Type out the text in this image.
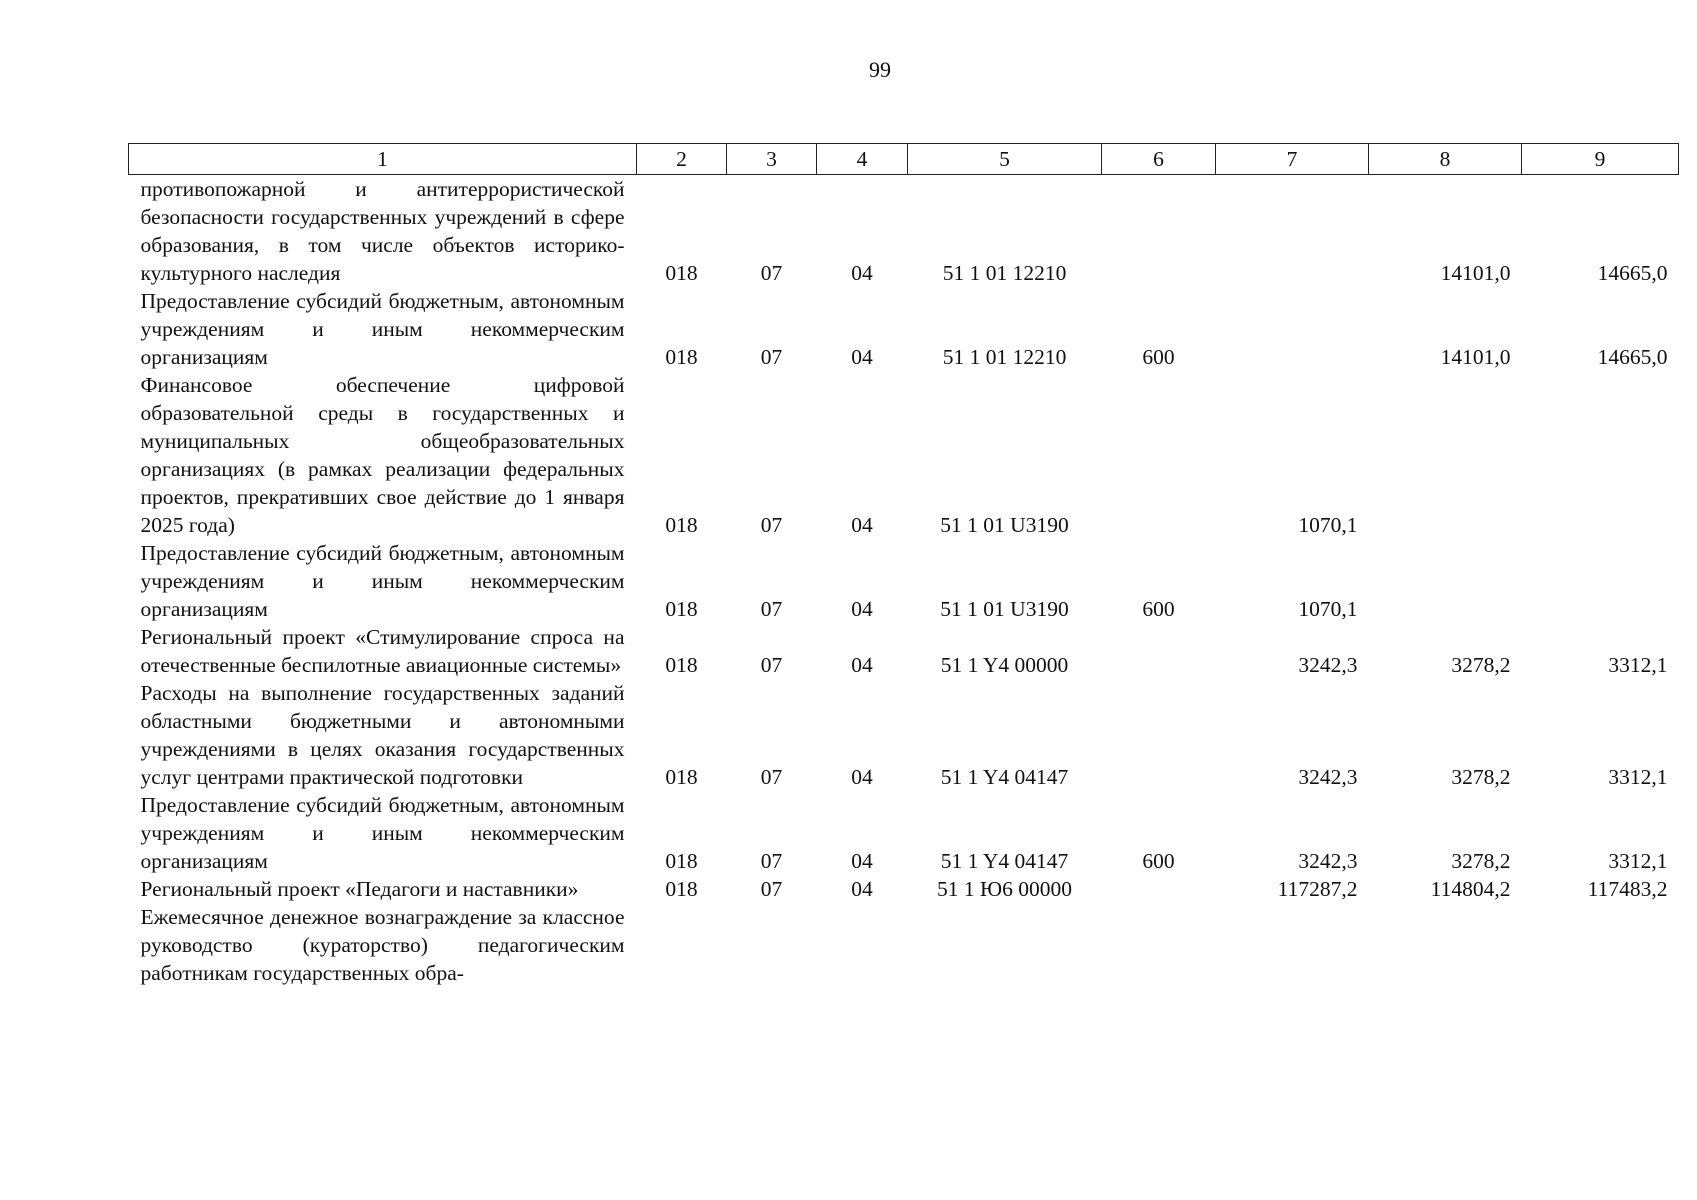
99
1	2	3	4	5	6	7	8	9
противопожарной и антитеррористической безопасности государственных учреждений в сфере образования, в том числе объектов историко-культурного наследия	018	07	04	51 1 01 12210			14101,0	14665,0
Предоставление субсидий бюджетным, автономным учреждениям и иным некоммерческим организациям	018	07	04	51 1 01 12210	600		14101,0	14665,0
Финансовое обеспечение цифровой образовательной среды в государственных и муниципальных общеобразовательных организациях (в рамках реализации федеральных проектов, прекративших свое действие до 1 января 2025 года)	018	07	04	51 1 01 U3190		1070,1		
Предоставление субсидий бюджетным, автономным учреждениям и иным некоммерческим организациям	018	07	04	51 1 01 U3190	600	1070,1		
Региональный проект «Стимулирование спроса на отечественные беспилотные авиационные системы»	018	07	04	51 1 Y4 00000		3242,3	3278,2	3312,1
Расходы на выполнение государственных заданий областными бюджетными и автономными учреждениями в целях оказания государственных услуг центрами практической подготовки	018	07	04	51 1 Y4 04147		3242,3	3278,2	3312,1
Предоставление субсидий бюджетным, автономным учреждениям и иным некоммерческим организациям	018	07	04	51 1 Y4 04147	600	3242,3	3278,2	3312,1
Региональный проект «Педагоги и наставники»	018	07	04	51 1 Ю6 00000		117287,2	114804,2	117483,2
Ежемесячное денежное вознаграждение за классное руководство (кураторство) педагогическим работникам государственных обра-								
